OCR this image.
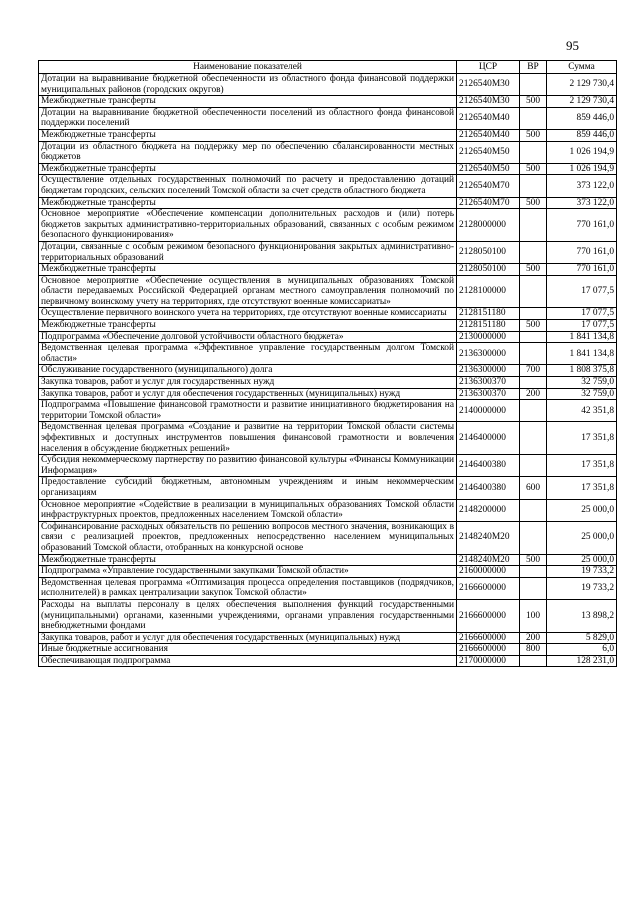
95
Наименование показателей	ЦСР	ВР	Сумма
Дотации на выравнивание бюджетной обеспеченности из областного фонда финансовой поддержки муниципальных районов (городских округов)	2126540М30		2 129 730,4
Межбюджетные трансферты	2126540М30	500	2 129 730,4
Дотации на выравнивание бюджетной обеспеченности поселений из областного фонда финансовой поддержки поселений	2126540М40		859 446,0
Межбюджетные трансферты	2126540М40	500	859 446,0
Дотации из областного бюджета на поддержку мер по обеспечению сбалансированности местных бюджетов	2126540М50		1 026 194,9
Межбюджетные трансферты	2126540М50	500	1 026 194,9
Осуществление отдельных государственных полномочий по расчету и предоставлению дотаций бюджетам городских, сельских поселений Томской области за счет средств областного бюджета	2126540М70		373 122,0
Межбюджетные трансферты	2126540М70	500	373 122,0
Основное мероприятие «Обеспечение компенсации дополнительных расходов и (или) потерь бюджетов закрытых административно-территориальных образований, связанных с особым режимом безопасного функционирования»	2128000000		770 161,0
Дотации, связанные с особым режимом безопасного функционирования закрытых административно-территориальных образований	2128050100		770 161,0
Межбюджетные трансферты	2128050100	500	770 161,0
Основное мероприятие «Обеспечение осуществления в муниципальных образованиях Томской области передаваемых Российской Федерацией органам местного самоуправления полномочий по первичному воинскому учету на территориях, где отсутствуют военные комиссариаты»	2128100000		17 077,5
Осуществление первичного воинского учета на территориях, где отсутствуют военные комиссариаты	2128151180		17 077,5
Межбюджетные трансферты	2128151180	500	17 077,5
Подпрограмма «Обеспечение долговой устойчивости областного бюджета»	2130000000		1 841 134,8
Ведомственная целевая программа «Эффективное управление государственным долгом Томской области»	2136300000		1 841 134,8
Обслуживание государственного (муниципального) долга	2136300000	700	1 808 375,8
Закупка товаров, работ и услуг для государственных нужд	2136300370		32 759,0
Закупка товаров, работ и услуг для обеспечения государственных (муниципальных) нужд	2136300370	200	32 759,0
Подпрограмма «Повышение финансовой грамотности и развитие инициативного бюджетирования на территории Томской области»	2140000000		42 351,8
Ведомственная целевая программа «Создание и развитие на территории Томской области системы эффективных и доступных инструментов повышения финансовой грамотности и вовлечения населения в обсуждение бюджетных решений»	2146400000		17 351,8
Субсидия некоммерческому партнерству по развитию финансовой культуры «Финансы Коммуникации Информация»	2146400380		17 351,8
Предоставление субсидий бюджетным, автономным учреждениям и иным некоммерческим организациям	2146400380	600	17 351,8
Основное мероприятие «Содействие в реализации в муниципальных образованиях Томской области инфраструктурных проектов, предложенных населением Томской области»	2148200000		25 000,0
Софинансирование расходных обязательств по решению вопросов местного значения, возникающих в связи с реализацией проектов, предложенных непосредственно населением муниципальных образований Томской области, отобранных на конкурсной основе	2148240М20		25 000,0
Межбюджетные трансферты	2148240М20	500	25 000,0
Подпрограмма «Управление государственными закупками Томской области»	2160000000		19 733,2
Ведомственная целевая программа «Оптимизация процесса определения поставщиков (подрядчиков, исполнителей) в рамках централизации закупок Томской области»	2166600000		19 733,2
Расходы на выплаты персоналу в целях обеспечения выполнения функций государственными (муниципальными) органами, казенными учреждениями, органами управления государственными внебюджетными фондами	2166600000	100	13 898,2
Закупка товаров, работ и услуг для обеспечения государственных (муниципальных) нужд	2166600000	200	5 829,0
Иные бюджетные ассигнования	2166600000	800	6,0
Обеспечивающая подпрограмма	2170000000		128 231,0
